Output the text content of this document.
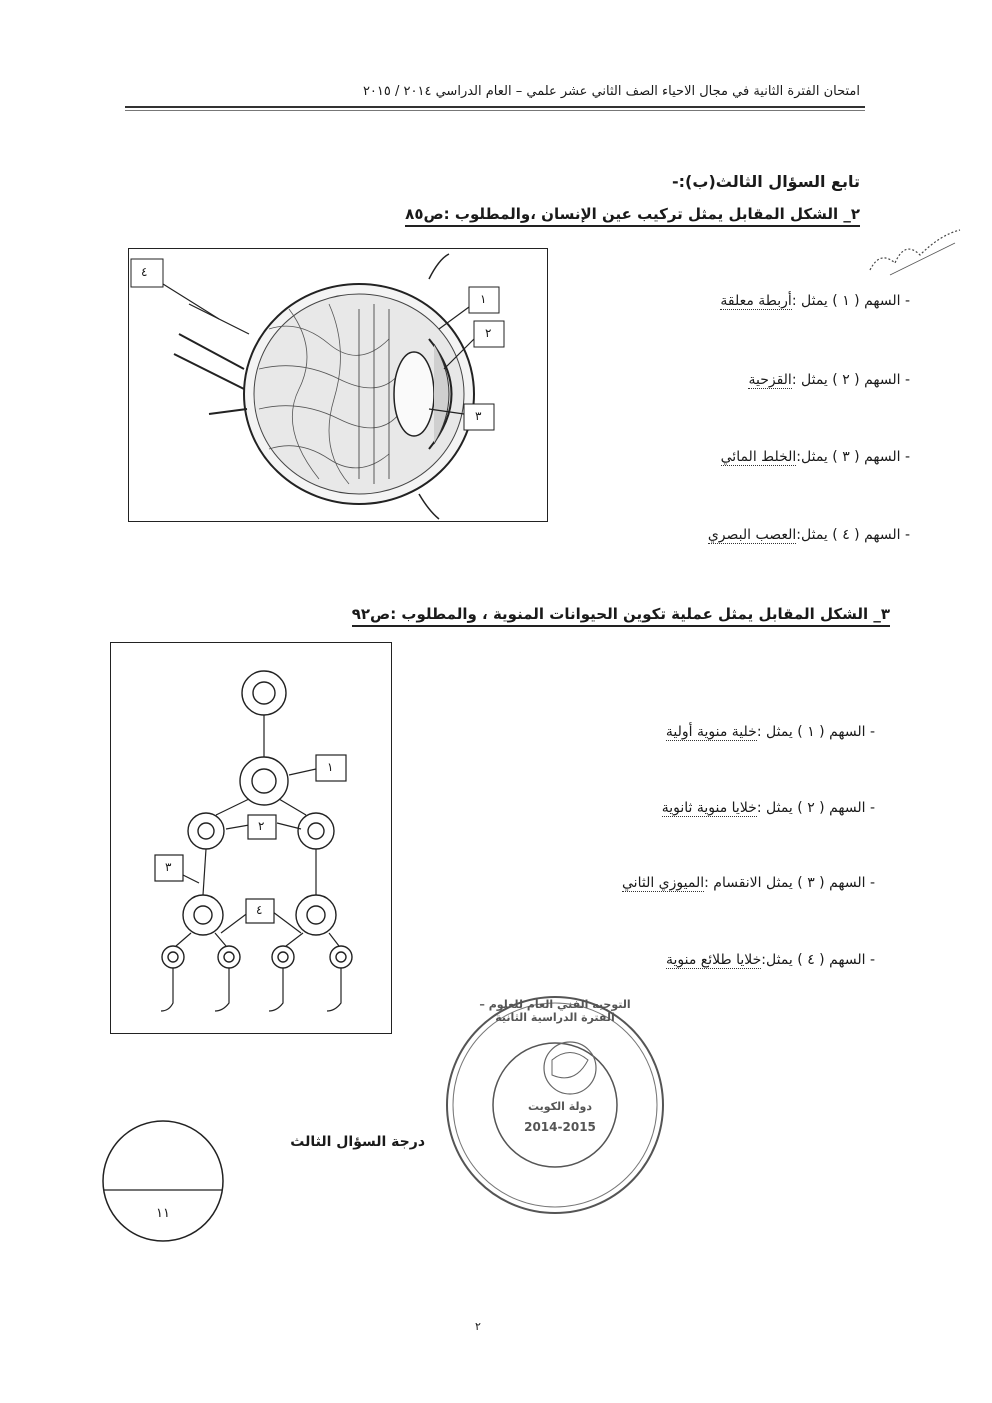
امتحان الفترة الثانية في مجال الاحياء الصف الثاني عشر علمي – العام الدراسي ٢٠١٤ / ٢٠١٥
تابع السؤال الثالث(ب):-
٢_ الشكل المقابل يمثل تركيب عين الإنسان ،والمطلوب :ص٨٥
٤
١
٢
٣
- السهم ( ١ ) يمثل :أربطة معلقة
- السهم ( ٢ ) يمثل :القزحية
- السهم ( ٣ ) يمثل:الخلط المائي
- السهم ( ٤ ) يمثل:العصب البصري
٣_ الشكل المقابل يمثل عملية تكوين الحيوانات المنوية ، والمطلوب :ص٩٢
١
٢
٣
٤
- السهم ( ١ ) يمثل :خلية منوية أولية
- السهم ( ٢ ) يمثل :خلايا منوية ثانوية
- السهم ( ٣ ) يمثل الانقسام :الميوزي الثاني
- السهم ( ٤ ) يمثل:خلايا طلائع منوية
التوجيه الفني العام للعلوم – الفترة الدراسية الثانية
2014-2015
دولة الكويت
١١
درجة السؤال الثالث
٢
